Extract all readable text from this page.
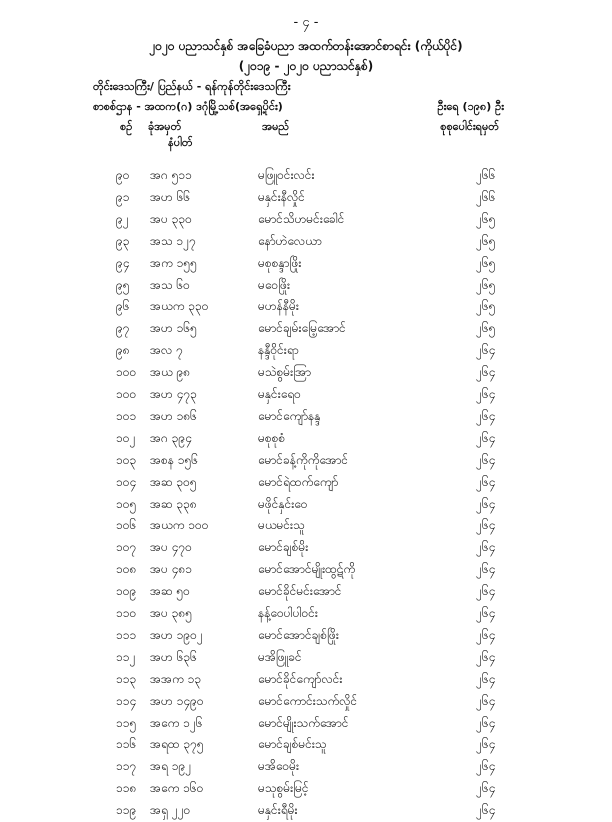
- ၄ -
၂၀၂၀ ပညာသင်နှစ် အခြေခံပညာ အထက်တန်းအောင်စာရင်း (ကိုယ်ပိုင်)
(၂၀၁၉ - ၂၀၂၀ ပညာသင်နှစ်)
တိုင်းဒေသကြီး/ ပြည်နယ် - ရန်ကုန်တိုင်းဒေသကြီး
စာစစ်ဌာန - အထက(ဂ) ဒဂုံမြို့သစ်(အရှေ့ပိုင်း)	ဦးရေ (၁၉၈) ဦး
စဉ် ခုံအမှတ်	အမည်	စုစုပေါင်းရမှတ်
နံပါတ်
၉၀ အဂ ၅၁၁	မဖြူဝင်းလင်း	၂၆၆
၉၁ အဟ ၆၆	မနှင်းနီလှိုင်	၂၆၆
၉၂ အပ ၃၃၀	မောင်သိဟမင်းခေါင်	၂၆၅
၉၃ အသ ၁၂၇	နော်ဟဲလေယာ	၂၆၅
၉၄ အက ၁၅၅	မစုစန္ဒာဖြိုး	၂၆၅
၉၅ အသ ၆၀	မဝေဖြိုး	၂၆၅
၉၆ အယက ၃၃၀	မဟန်နီမိုး	၂၆၅
၉၇ အဟ ၁၆၅	မောင်ချမ်းမြေ့အောင်	၂၆၅
၉၈ အလ ၇	နန္ဒီဝိုင်းရာ	၂၆၄
၁၀၀ အယ ၉၈	မသဲစွမ်းအြာ	၂၆၄
၁၀၀ အဟ ၄၇၃	မနှင်းရေဝ	၂၆၄
၁၀၁ အဟ ၁၈၆	မောင်ကျော်နန္ဒ	၂၆၄
၁၀၂ အဂ ၃၉၄	မစုစုစံ	၂၆၄
၁၀၃ အစန ၁၅၆	မောင်ခန့်ကိုကိုအောင်	၂၆၄
၁၀၄ အဆ ၃၀၅	မောင်ရဲထက်ကျော်	၂၆၄
၁၀၅ အဆ ၃၃၈	မဖိုင်နှင်းဝေ	၂၆၄
၁၀၆ အယက ၁၀၀	မယမင်းသူ	၂၆၄
၁၀၇ အပ ၄၇၀	မောင်ချစ်မိုး	၂၆၄
၁၀၈ အပ ၄၈၁	မောင်အောင်မျိုးထွဋ်ကို	၂၆၄
၁၀၉ အဆ ၅၀	မောင်ခိုင်မင်းအောင်	၂၆၄
၁၁၀ အပ ၃၈၅	နန့်ဝေပါပါဝင်း	၂၆၄
၁၁၁ အဟ ၁၉၀၂	မောင်အောင်ချစ်ဖြိုး	၂၆၄
၁၁၂ အဟ ၆၃၆	မအိဖြူခင်	၂၆၄
၁၁၃ အအက ၁၃	မောင်ခိုင်ကျော်လင်း	၂၆၄
၁၁၄ အဟ ၁၄၉၀	မောင်ကောင်းသက်လှိုင်	၂၆၄
၁၁၅ အကေ ၁၂၆	မောင်မျိုးသက်အောင်	၂၆၄
၁၁၆ အရထ ၃၇၅	မောင်ချစ်မင်းသူ	၂၆၄
၁၁၇ အရ ၁၉၂	မအိဝေမိုး	၂၆၄
၁၁၈ အကေ ၁၆၀	မသုစွမ်းမြင့်	၂၆၄
၁၁၉ အရှ ၂၂၀	မနှင်းရီမိုး	၂၆၄
